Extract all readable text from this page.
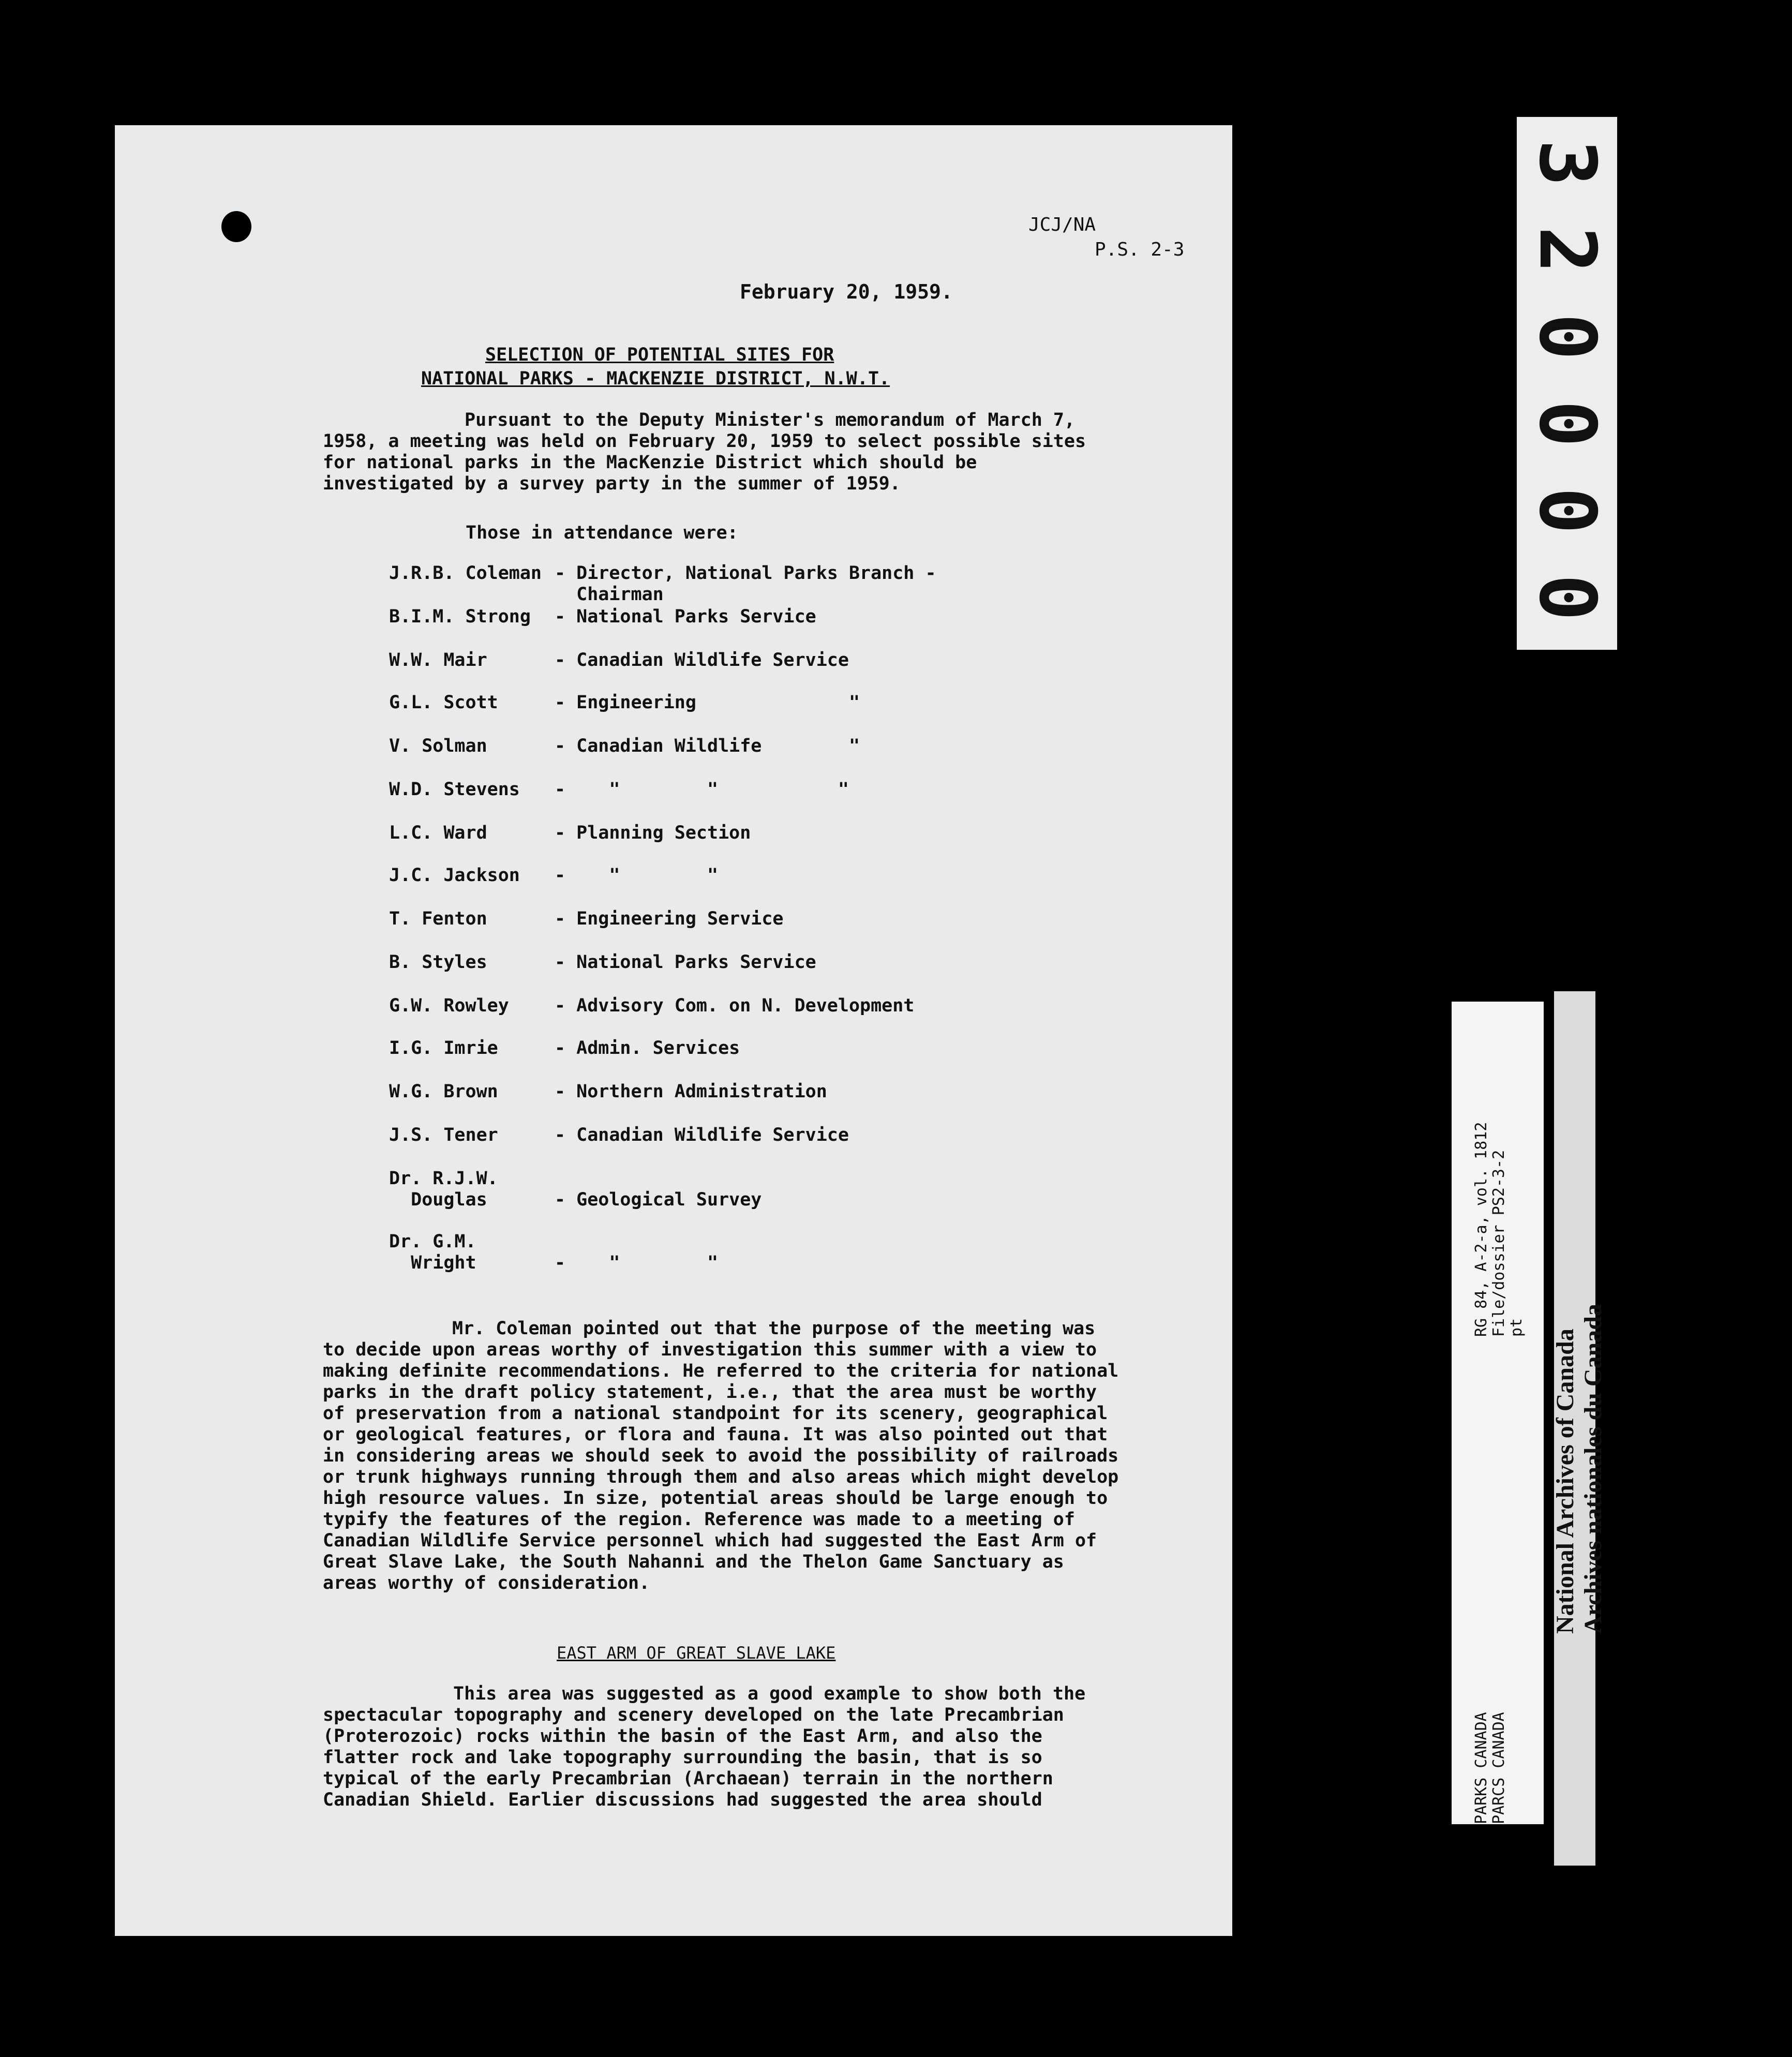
JCJ/NA
P.S. 2-3
February 20, 1959.
SELECTION OF POTENTIAL SITES FOR
NATIONAL PARKS - MACKENZIE DISTRICT, N.W.T.
Pursuant to the Deputy Minister's memorandum of March 7, 1958, a meeting was held on February 20, 1959 to select possible sites for national parks in the MacKenzie District which should be investigated by a survey party in the summer of 1959.
Those in attendance were:
J.R.B. Coleman - Director, National Parks Branch -
Chairman
B.I.M. Strong - National Parks Service
W.W. Mair	- Canadian Wildlife Service
G.L. Scott	- Engineering              "
V. Solman	- Canadian Wildlife        "
W.D. Stevens -    "        "           "
L.C. Ward	- Planning Section
J.C. Jackson -    "        "
T. Fenton	- Engineering Service
B. Styles	- National Parks Service
G.W. Rowley	- Advisory Com. on N. Development
I.G. Imrie	- Admin. Services
W.G. Brown	- Northern Administration
J.S. Tener	- Canadian Wildlife Service
Dr. R.J.W.
Douglas	- Geological Survey
Dr. G.M.
Wright	-    "        "
Mr. Coleman pointed out that the purpose of the meeting was to decide upon areas worthy of investigation this summer with a view to making definite recommendations. He referred to the criteria for national parks in the draft policy statement, i.e., that the area must be worthy of preservation from a national standpoint for its scenery, geographical or geological features, or flora and fauna. It was also pointed out that in considering areas we should seek to avoid the possibility of railroads or trunk highways running through them and also areas which might develop high resource values. In size, potential areas should be large enough to typify the features of the region. Reference was made to a meeting of Canadian Wildlife Service personnel which had suggested the East Arm of Great Slave Lake, the South Nahanni and the Thelon Game Sanctuary as areas worthy of consideration.
EAST ARM OF GREAT SLAVE LAKE
This area was suggested as a good example to show both the spectacular topography and scenery developed on the late Precambrian (Proterozoic) rocks within the basin of the East Arm, and also the flatter rock and lake topography surrounding the basin, that is so typical of the early Precambrian (Archaean) terrain in the northern Canadian Shield. Earlier discussions had suggested the area should
3
2
0
0
0
0
RG 84, A-2-a, vol. 1812 File/dossier PS2-3-2 pt
PARKS CANADA PARCS CANADA
National Archives of Canada Archives nationales du Canada
